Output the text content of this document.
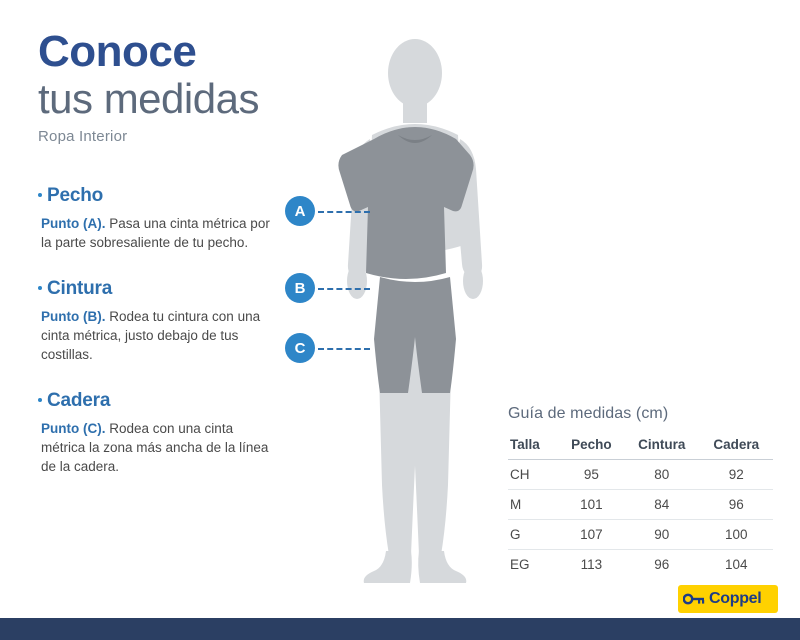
Conoce
tus medidas
Ropa Interior
Pecho
Punto (A). Pasa una cinta métrica por la parte sobresaliente de tu pecho.
Cintura
Punto (B). Rodea tu cintura con una cinta métrica, justo debajo de tus costillas.
Cadera
Punto (C). Rodea con una cinta métrica la zona más ancha de la línea de la cadera.
A
B
C
Guía de medidas (cm)
Talla	Pecho	Cintura	Cadera
CH	95	80	92
M	101	84	96
G	107	90	100
EG	113	96	104
Coppel
